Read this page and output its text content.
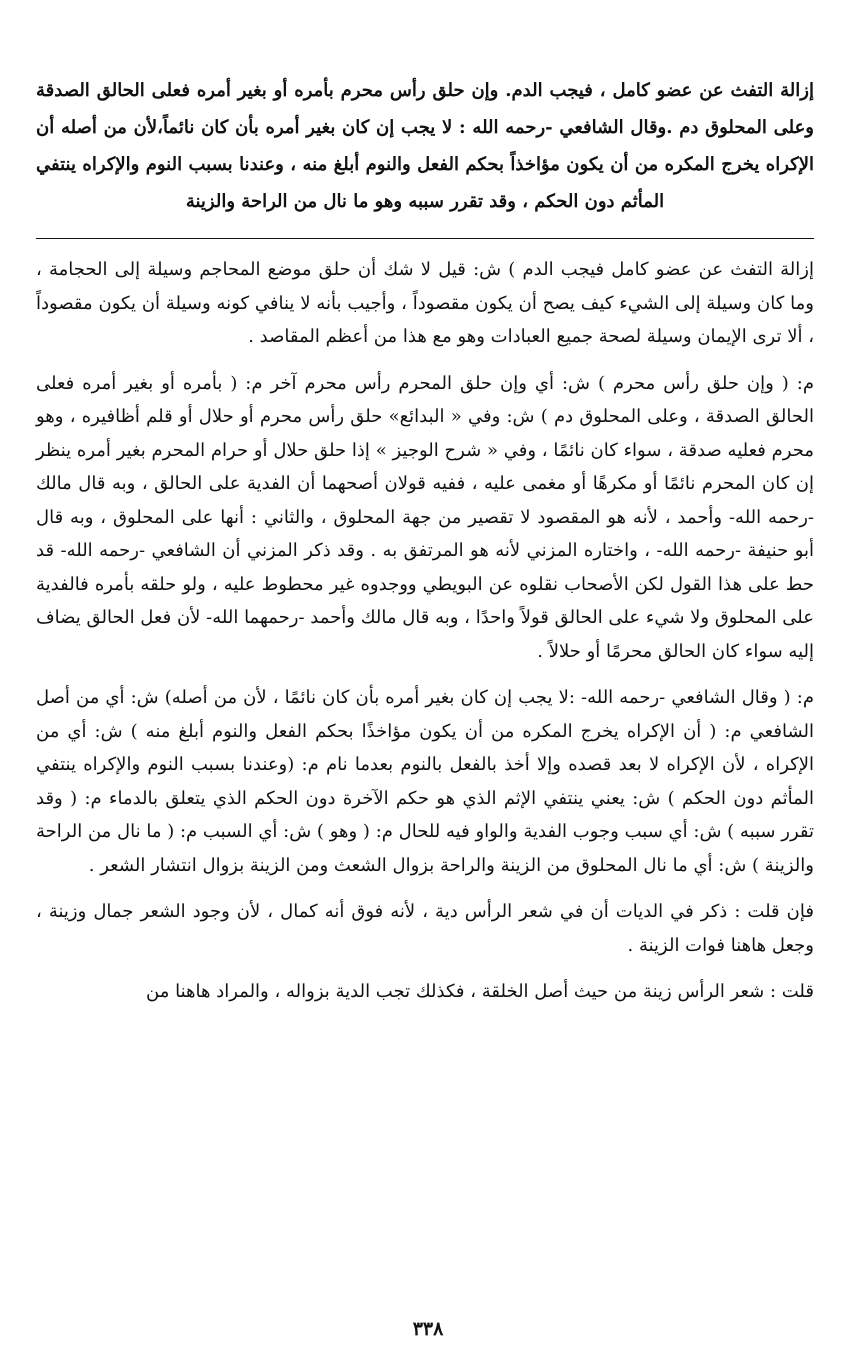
إزالة التفث عن عضو كامل ، فيجب الدم. وإن حلق رأس محرم بأمره أو بغير أمره فعلى الحالق الصدقة وعلى المحلوق دم .وقال الشافعي -رحمه الله : لا يجب إن كان بغير أمره بأن كان نائماً،لأن من أصله أن الإكراه يخرج المكره من أن يكون مؤاخذاً بحكم الفعل والنوم أبلغ منه ، وعندنا بسبب النوم والإكراه ينتفي المأثم دون الحكم ، وقد تقرر سببه وهو ما نال من الراحة والزينة

إزالة التفث عن عضو كامل فيجب الدم ) ش: قيل لا شك أن حلق موضع المحاجم وسيلة إلى الحجامة ، وما كان وسيلة إلى الشيء كيف يصح أن يكون مقصوداً ، وأجيب بأنه لا ينافي كونه وسيلة أن يكون مقصوداً ، ألا ترى الإيمان وسيلة لصحة جميع العبادات وهو مع هذا من أعظم المقاصد .

م: ( وإن حلق رأس محرم ) ش: أي وإن حلق المحرم رأس محرم آخر م: ( بأمره أو بغير أمره فعلى الحالق الصدقة ، وعلى المحلوق دم ) ش: وفي « البدائع» حلق رأس محرم أو حلال أو قلم أظافيره ، وهو محرم فعليه صدقة ، سواء كان نائمًا ، وفي « شرح الوجيز » إذا حلق حلال أو حرام المحرم بغير أمره ينظر إن كان المحرم نائمًا أو مكرهًا أو مغمى عليه ، ففيه قولان أصحهما أن الفدية على الحالق ، وبه قال مالك -رحمه الله- وأحمد ، لأنه هو المقصود لا تقصير من جهة المحلوق ، والثاني : أنها على المحلوق ، وبه قال أبو حنيفة -رحمه الله- ، واختاره المزني لأنه هو المرتفق به . وقد ذكر المزني أن الشافعي -رحمه الله- قد حط على هذا القول لكن الأصحاب نقلوه عن البويطي ووجدوه غير محطوط عليه ، ولو حلقه بأمره فالفدية على المحلوق ولا شيء على الحالق قولاً واحدًا ، وبه قال مالك وأحمد -رحمهما الله- لأن فعل الحالق يضاف إليه سواء كان الحالق محرمًا أو حلالاً .

م: ( وقال الشافعي -رحمه الله- :لا يجب إن كان بغير أمره بأن كان نائمًا ، لأن من أصله) ش: أي من أصل الشافعي م: ( أن الإكراه يخرج المكره من أن يكون مؤاخذًا بحكم الفعل والنوم أبلغ منه ) ش: أي من الإكراه ، لأن الإكراه لا بعد قصده وإلا أخذ بالفعل بالنوم بعدما نام م: (وعندنا بسبب النوم والإكراه ينتفي المأثم دون الحكم ) ش: يعني ينتفي الإثم الذي هو حكم الآخرة دون الحكم الذي يتعلق بالدماء م: ( وقد تقرر سببه ) ش: أي سبب وجوب الفدية والواو فيه للحال م: ( وهو ) ش: أي السبب م: ( ما نال من الراحة والزينة ) ش: أي ما نال المحلوق من الزينة والراحة بزوال الشعث ومن الزينة بزوال انتشار الشعر .

فإن قلت : ذكر في الديات أن في شعر الرأس دية ، لأنه فوق أنه كمال ، لأن وجود الشعر جمال وزينة ، وجعل هاهنا فوات الزينة .

قلت : شعر الرأس زينة من حيث أصل الخلقة ، فكذلك تجب الدية بزواله ، والمراد هاهنا من

٣٣٨
